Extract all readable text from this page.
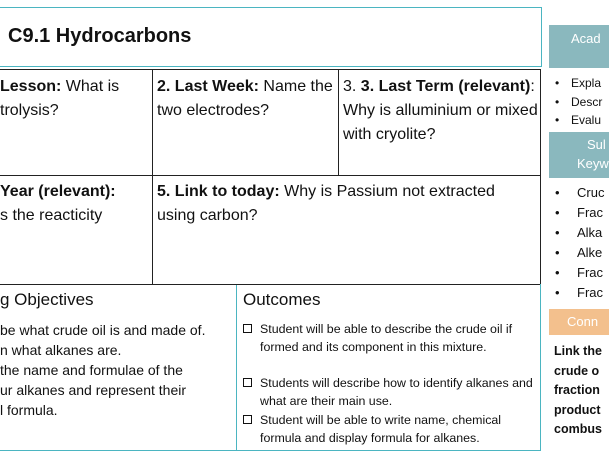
C9.1 Hydrocarbons
Lesson: What is
trolysis?
2. Last Week: Name the two electrodes?
3. 3. Last Term (relevant): Why is alluminium or mixed with cryolite?
Year (relevant):
s the reacticity
5. Link to today: Why is Passium not extracted using carbon?
g Objectives
be what crude oil is and made of.
n what alkanes are.
the name and formulae of the
ur alkanes and represent their
l formula.
Outcomes
Student will be able to describe the crude oil if formed and its component in this mixture.
Students will describe how to identify alkanes and what are their main use.
Student will be able to write name, chemical formula and display formula for alkanes.
Acad
• Expla
• Descr
• Evalu
Sul
Keyw
• Cruc
• Frac
• Alka
• Alke
• Frac
• Frac
Conn
Link the
crude o
fraction
product
combus
